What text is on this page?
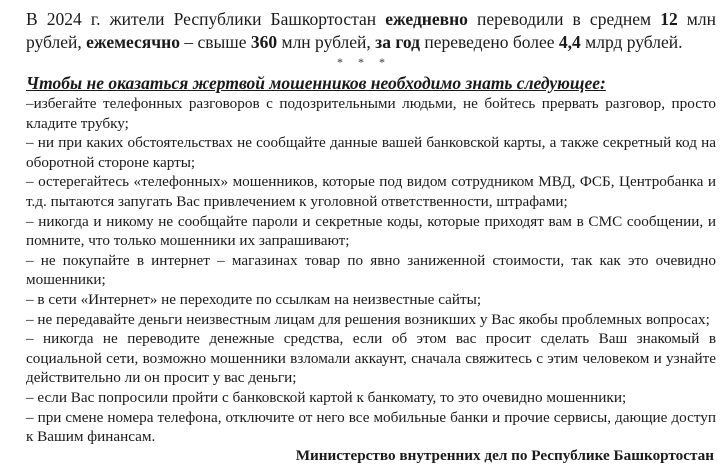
В 2024 г. жители Республики Башкортостан ежедневно переводили в среднем 12 млн

рублей, ежемесячно – свыше 360 млн рублей, за год переведено более 4,4 млрд рублей.

* * *
Чтобы не оказаться жертвой мошенников необходимо знать следующее:

–избегайте телефонных разговоров с подозрительными людьми, не бойтесь прервать разговор, просто кладите трубку;

– ни при каких обстоятельствах не сообщайте данные вашей банковской карты, а также секретный код на оборотной стороне карты;

– остерегайтесь «телефонных» мошенников, которые под видом сотрудником МВД, ФСБ, Центробанка и т.д. пытаются запугать Вас привлечением к уголовной ответственности, штрафами;

– никогда и никому не сообщайте пароли и секретные коды, которые приходят вам в СМС сообщении, и помните, что только мошенники их запрашивают;

– не покупайте в интернет – магазинах товар по явно заниженной стоимости, так как это очевидно мошенники;

– в сети «Интернет» не переходите по ссылкам на неизвестные сайты;

– не передавайте деньги неизвестным лицам для решения возникших у Вас якобы проблемных вопросах;

– никогда не переводите денежные средства, если об этом вас просит сделать Ваш знакомый в социальной сети, возможно мошенники взломали аккаунт, сначала свяжитесь с этим человеком и узнайте действительно ли он просит у вас деньги;

– если Вас попросили пройти с банковской картой к банкомату, то это очевидно мошенники;

– при смене номера телефона, отключите от него все мобильные банки и прочие сервисы, дающие доступ к Вашим финансам.

Министерство внутренних дел по Республике Башкортостан
